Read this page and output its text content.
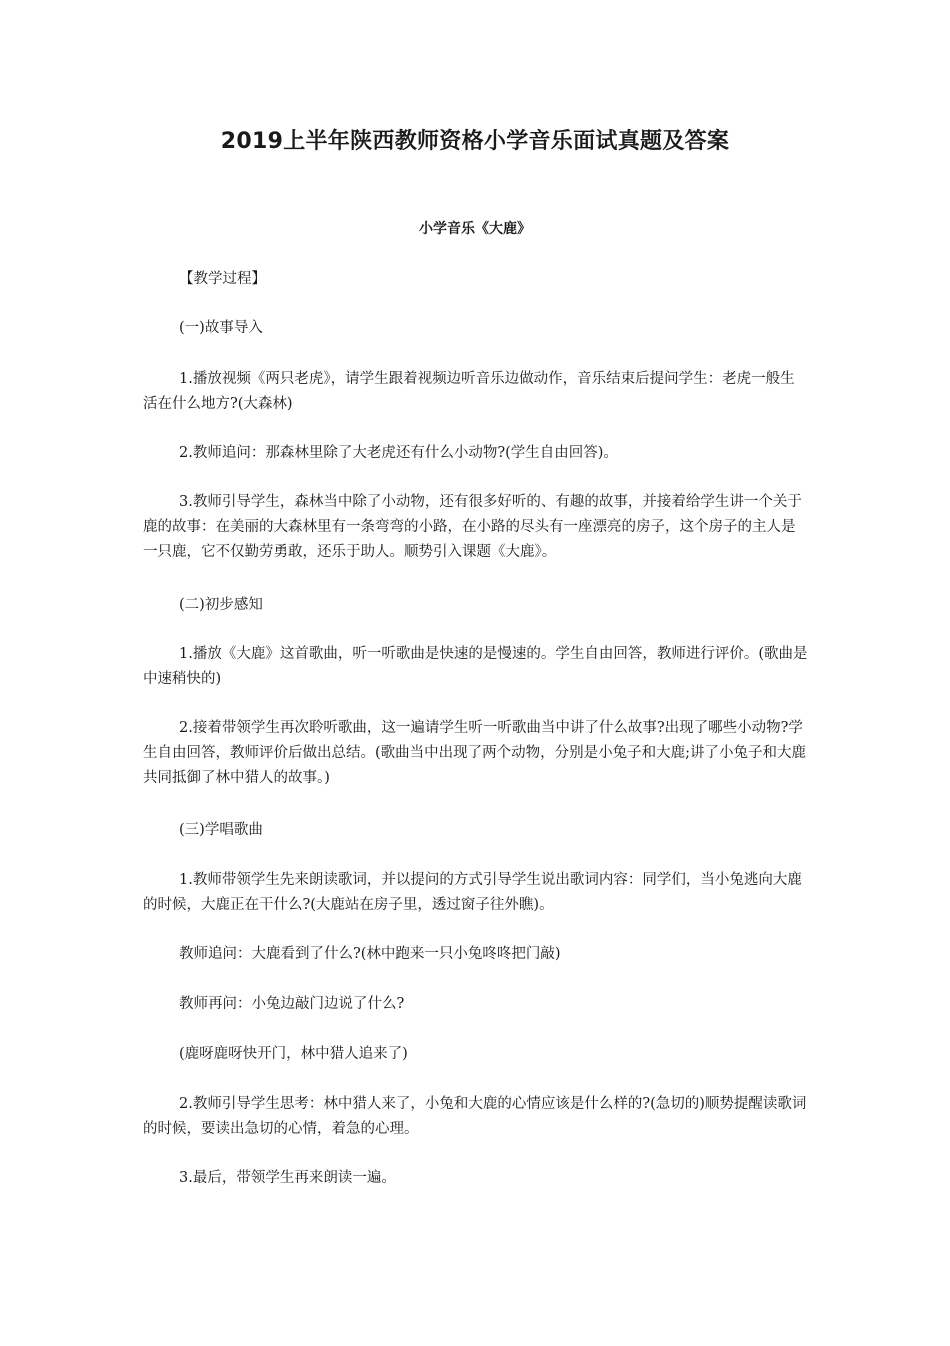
2019上半年陕西教师资格小学音乐面试真题及答案
小学音乐《大鹿》

【教学过程】

(一)故事导入

1.播放视频《两只老虎》，请学生跟着视频边听音乐边做动作，音乐结束后提问学生：老虎一般生活在什么地方?(大森林)

2.教师追问：那森林里除了大老虎还有什么小动物?(学生自由回答)。

3.教师引导学生，森林当中除了小动物，还有很多好听的、有趣的故事，并接着给学生讲一个关于鹿的故事：在美丽的大森林里有一条弯弯的小路，在小路的尽头有一座漂亮的房子，这个房子的主人是一只鹿，它不仅勤劳勇敢，还乐于助人。顺势引入课题《大鹿》。

(二)初步感知

1.播放《大鹿》这首歌曲，听一听歌曲是快速的是慢速的。学生自由回答，教师进行评价。(歌曲是中速稍快的)

2.接着带领学生再次聆听歌曲，这一遍请学生听一听歌曲当中讲了什么故事?出现了哪些小动物?学生自由回答，教师评价后做出总结。(歌曲当中出现了两个动物，分别是小兔子和大鹿;讲了小兔子和大鹿共同抵御了林中猎人的故事。)

(三)学唱歌曲

1.教师带领学生先来朗读歌词，并以提问的方式引导学生说出歌词内容：同学们，当小兔逃向大鹿的时候，大鹿正在干什么?(大鹿站在房子里，透过窗子往外瞧)。

教师追问：大鹿看到了什么?(林中跑来一只小兔咚咚把门敲)

教师再问：小兔边敲门边说了什么?

(鹿呀鹿呀快开门，林中猎人追来了)

2.教师引导学生思考：林中猎人来了，小兔和大鹿的心情应该是什么样的?(急切的)顺势提醒读歌词的时候，要读出急切的心情，着急的心理。

3.最后，带领学生再来朗读一遍。
